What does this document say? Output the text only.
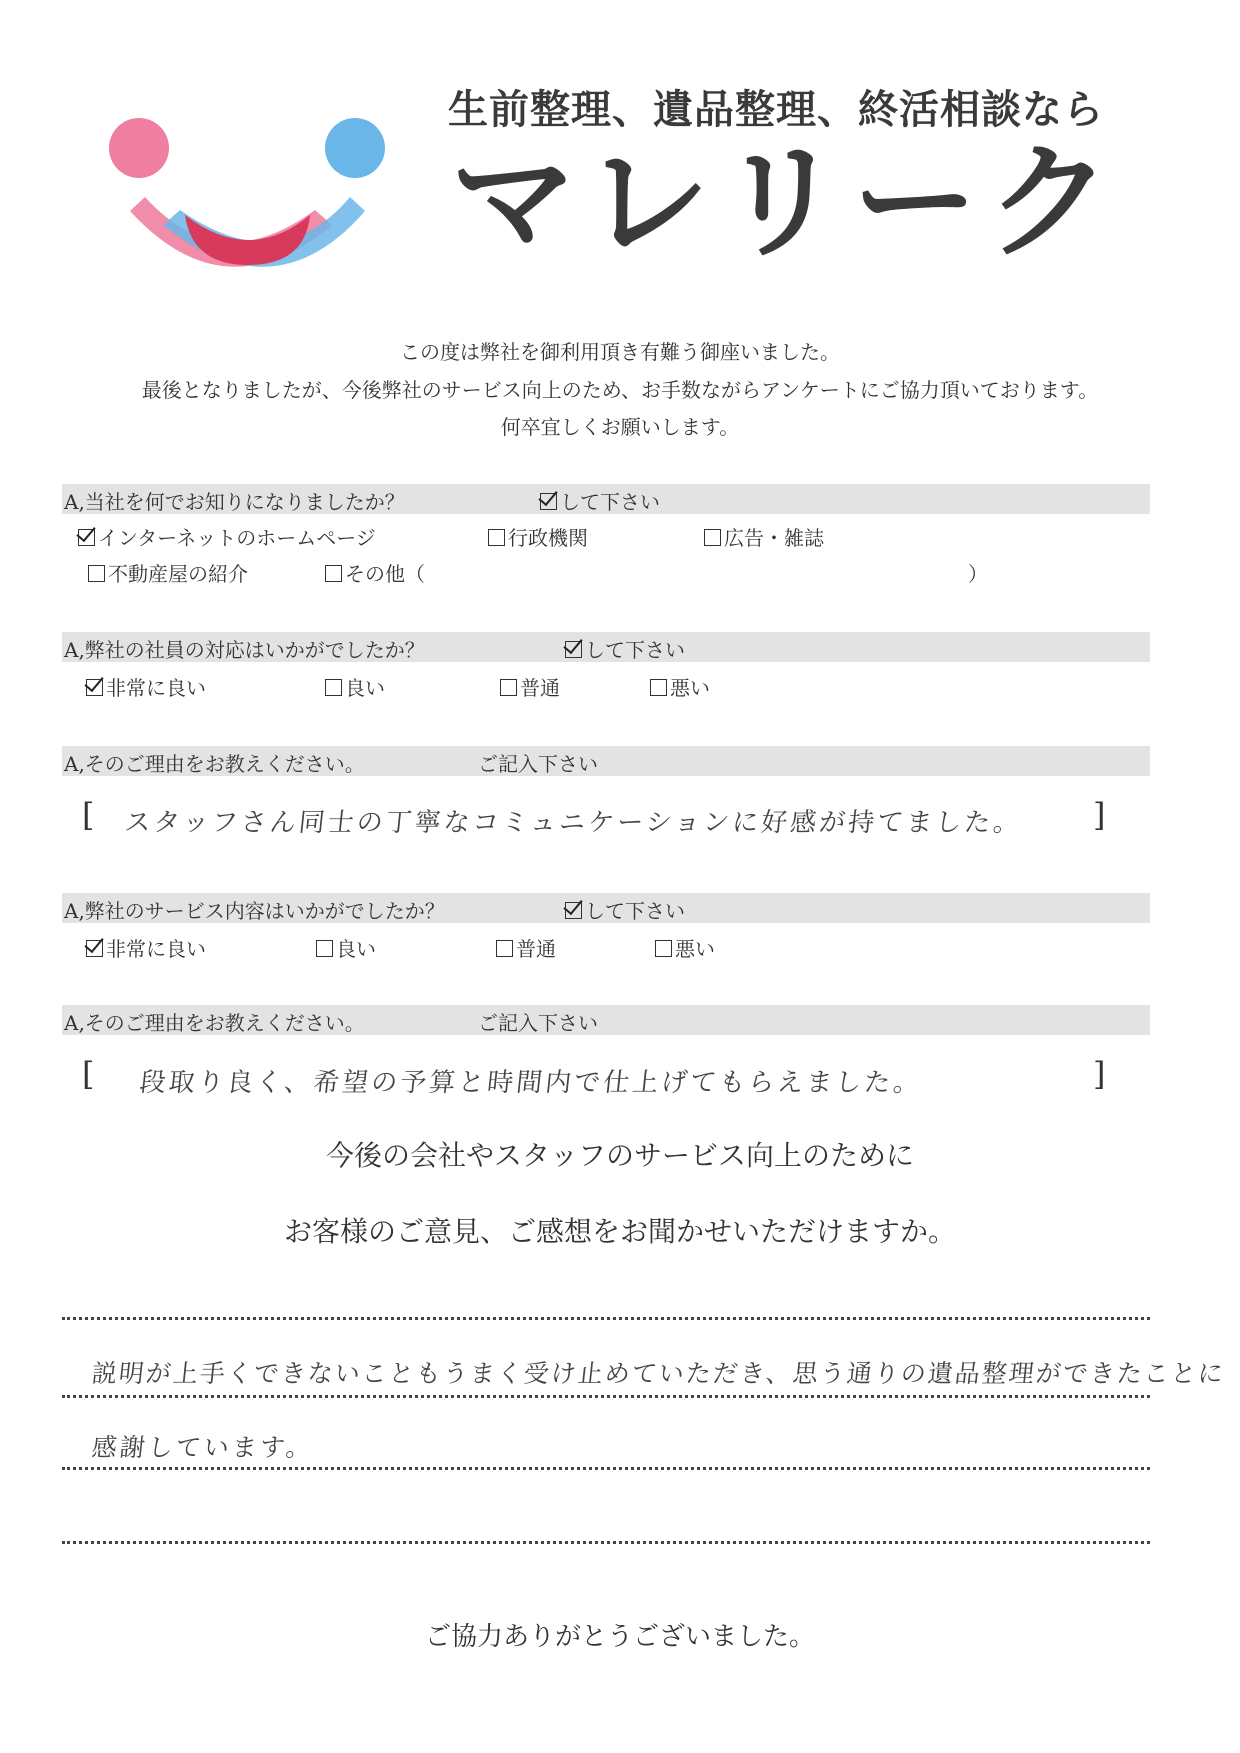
生前整理、遺品整理、終活相談なら
マレリーク
この度は弊社を御利用頂き有難う御座いました。
最後となりましたが、今後弊社のサービス向上のため、お手数ながらアンケートにご協力頂いております。
何卒宜しくお願いします。
A,当社を何でお知りになりましたか？	して下さい
インターネットのホームページ	行政機関	広告・雑誌
不動産屋の紹介	その他（	）
A,弊社の社員の対応はいかがでしたか？	して下さい
非常に良い	良い	普通	悪い
A,そのご理由をお教えください。	ご記入下さい
[ スタッフさん同士の丁寧なコミュニケーションに好感が持てました。 ]
A,弊社のサービス内容はいかがでしたか？	して下さい
非常に良い	良い	普通	悪い
A,そのご理由をお教えください。	ご記入下さい
[ 段取り良く、希望の予算と時間内で仕上げてもらえました。	]
今後の会社やスタッフのサービス向上のために
お客様のご意見、ご感想をお聞かせいただけますか。
説明が上手くできないこともうまく受け止めていただき、思う通りの遺品整理ができたことに
感謝しています。
ご協力ありがとうございました。
